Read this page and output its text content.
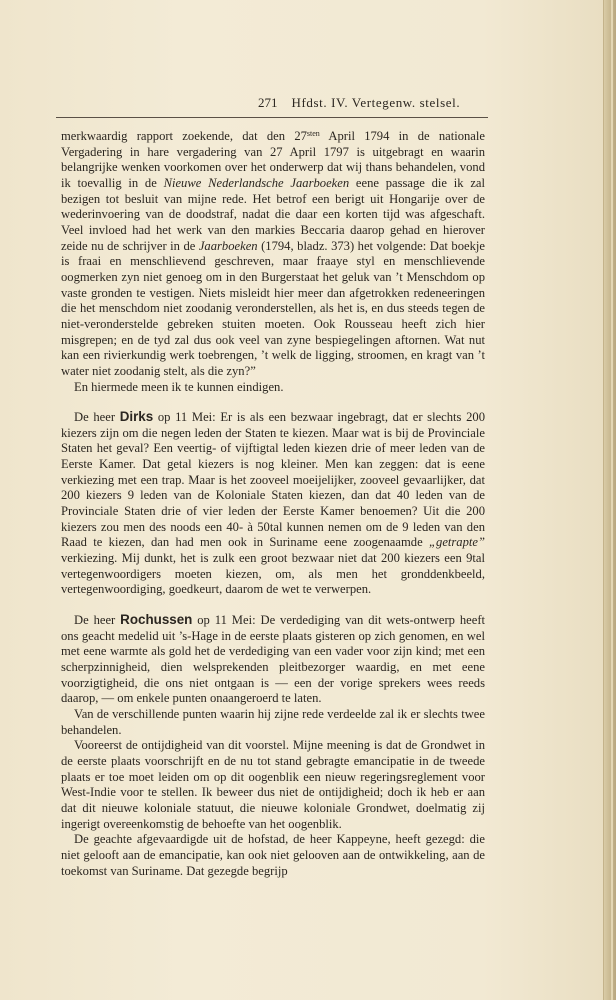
271 Hfdst. IV. Vertegenw. stelsel.

merkwaardig rapport zoekende, dat den $27^{sten}$ April 1794 in de nationale Vergadering in hare vergadering van 27 April 1797 is uitgebragt en waarin belangrijke wenken voorkomen over het onderwerp dat wij thans behandelen, vond ik toevallig in de Nieuwe Nederlandsche Jaarboeken eene passage die ik zal bezigen tot besluit van mijne rede. Het betrof een berigt uit Hongarije over de wederinvoering van de doodstraf, nadat die daar een korten tijd was afgeschaft. Veel invloed had het werk van den markies Beccaria daarop gehad en hierover zeide nu de schrijver in de Jaarboeken (1794, bladz. 373) het volgende: Dat boekje is fraai en menschlievend geschreven, maar fraaye styl en menschlievende oogmerken zyn niet genoeg om in den Burgerstaat het geluk van ’t Menschdom op vaste gronden te vestigen. Niets misleidt hier meer dan afgetrokken redeneeringen die het menschdom niet zoodanig veronderstellen, als het is, en dus steeds tegen de niet-veronderstelde gebreken stuiten moeten. Ook Rousseau heeft zich hier misgrepen; en de tyd zal dus ook veel van zyne bespiegelingen aftornen. Wat nut kan een rivierkundig werk toebrengen, ’t welk de ligging, stroomen, en kragt van ’t water niet zoodanig stelt, als die zyn?”

En hiermede meen ik te kunnen eindigen.

De heer Dirks op 11 Mei: Er is als een bezwaar ingebragt, dat er slechts 200 kiezers zijn om die negen leden der Staten te kiezen. Maar wat is bij de Provinciale Staten het geval? Een veertig- of vijftigtal leden kiezen drie of meer leden van de Eerste Kamer. Dat getal kiezers is nog kleiner. Men kan zeggen: dat is eene verkiezing met een trap. Maar is het zooveel moeijelijker, zooveel gevaarlijker, dat 200 kiezers 9 leden van de Koloniale Staten kiezen, dan dat 40 leden van de Provinciale Staten drie of vier leden der Eerste Kamer benoemen? Uit die 200 kiezers zou men des noods een 40- à 50tal kunnen nemen om de 9 leden van den Raad te kiezen, dan had men ook in Suriname eene zoogenaamde „getrapte” verkiezing. Mij dunkt, het is zulk een groot bezwaar niet dat 200 kiezers een 9tal vertegenwoordigers moeten kiezen, om, als men het gronddenkbeeld, vertegenwoordiging, goedkeurt, daarom de wet te verwerpen.

De heer Rochussen op 11 Mei: De verdediging van dit wets-ontwerp heeft ons geacht medelid uit ’s-Hage in de eerste plaats gisteren op zich genomen, en wel met eene warmte als gold het de verdediging van een vader voor zijn kind; met een scherpzinnigheid, dien welsprekenden pleitbezorger waardig, en met eene voorzigtigheid, die ons niet ontgaan is — een der vorige sprekers wees reeds daarop, — om enkele punten onaangeroerd te laten.

Van de verschillende punten waarin hij zijne rede verdeelde zal ik er slechts twee behandelen.

Vooreerst de ontijdigheid van dit voorstel. Mijne meening is dat de Grondwet in de eerste plaats voorschrijft en de nu tot stand gebragte emancipatie in de tweede plaats er toe moet leiden om op dit oogenblik een nieuw regeringsreglement voor West-Indie voor te stellen. Ik beweer dus niet de ontijdigheid; doch ik heb er aan dat dit nieuwe koloniale statuut, die nieuwe koloniale Grondwet, doelmatig zij ingerigt overeenkomstig de behoefte van het oogenblik.

De geachte afgevaardigde uit de hofstad, de heer Kappeyne, heeft gezegd: die niet gelooft aan de emancipatie, kan ook niet gelooven aan de ontwikkeling, aan de toekomst van Suriname. Dat gezegde begrijp
